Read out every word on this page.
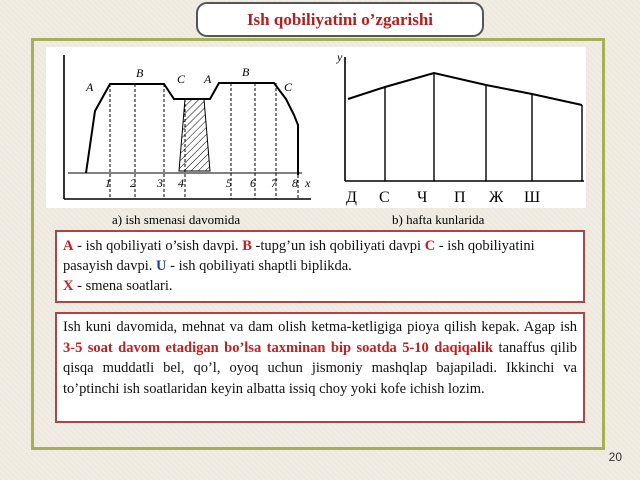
Ish qobiliyatini o’zgarishi
A
B	C A	B
C
1 2 3 4	5 6 7 8 x
y
Д С Ч П Ж Ш
a) ish smenasi davomida	b) hafta kunlarida
A - ish qobiliyati o’sish davpi. B -tupg’un ish qobiliyati davpi C - ish qobiliyatini pasayish davpi. U - ish qobiliyati shaptli biplikda.
X - smena soatlari.
Ish kuni davomida, mehnat va dam olish ketma-ketligiga pioya qilish kepak. Agap ish 3-5 soat davom etadigan bo’lsa taxminan bip soatda 5-10 daqiqalik tanaffus qilib qisqa muddatli bel, qo’l, oyoq uchun jismoniy mashqlap bajapiladi. Ikkinchi va to’ptinchi ish soatlaridan keyin albatta issiq choy yoki kofe ichish lozim.
20
